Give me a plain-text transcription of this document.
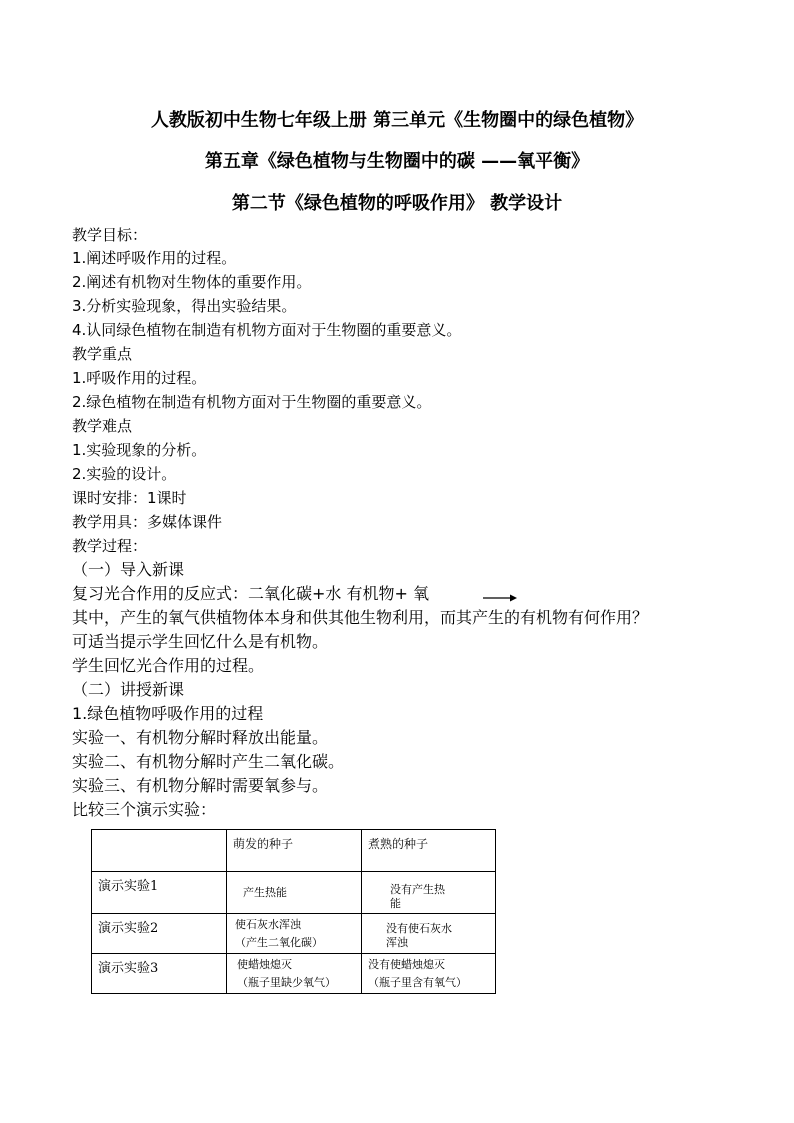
人教版初中生物七年级上册 第三单元《生物圈中的绿色植物》
第五章《绿色植物与生物圈中的碳 ——氧平衡》
第二节《绿色植物的呼吸作用》 教学设计
教学目标：
1.阐述呼吸作用的过程。
2.阐述有机物对生物体的重要作用。
3.分析实验现象，得出实验结果。
4.认同绿色植物在制造有机物方面对于生物圈的重要意义。
教学重点
1.呼吸作用的过程。
2.绿色植物在制造有机物方面对于生物圈的重要意义。
教学难点
1.实验现象的分析。
2.实验的设计。
课时安排：1课时
教学用具：多媒体课件
教学过程：
（一）导入新课
复习光合作用的反应式：二氧化碳+水 有机物+ 氧
其中，产生的氧气供植物体本身和供其他生物利用，而其产生的有机物有何作用？
可适当提示学生回忆什么是有机物。
学生回忆光合作用的过程。
（二）讲授新课
1.绿色植物呼吸作用的过程
实验一、有机物分解时释放出能量。
实验二、有机物分解时产生二氧化碳。
实验三、有机物分解时需要氧参与。
比较三个演示实验：

	萌发的种子	煮熟的种子

演示实验1	产生热能	没有产生热
能

演示实验2	使石灰水浑浊
（产生二氧化碳）	没有使石灰水
浑浊

演示实验3	使蜡烛熄灭
（瓶子里缺少氧气）	没有使蜡烛熄灭
（瓶子里含有氧气）
